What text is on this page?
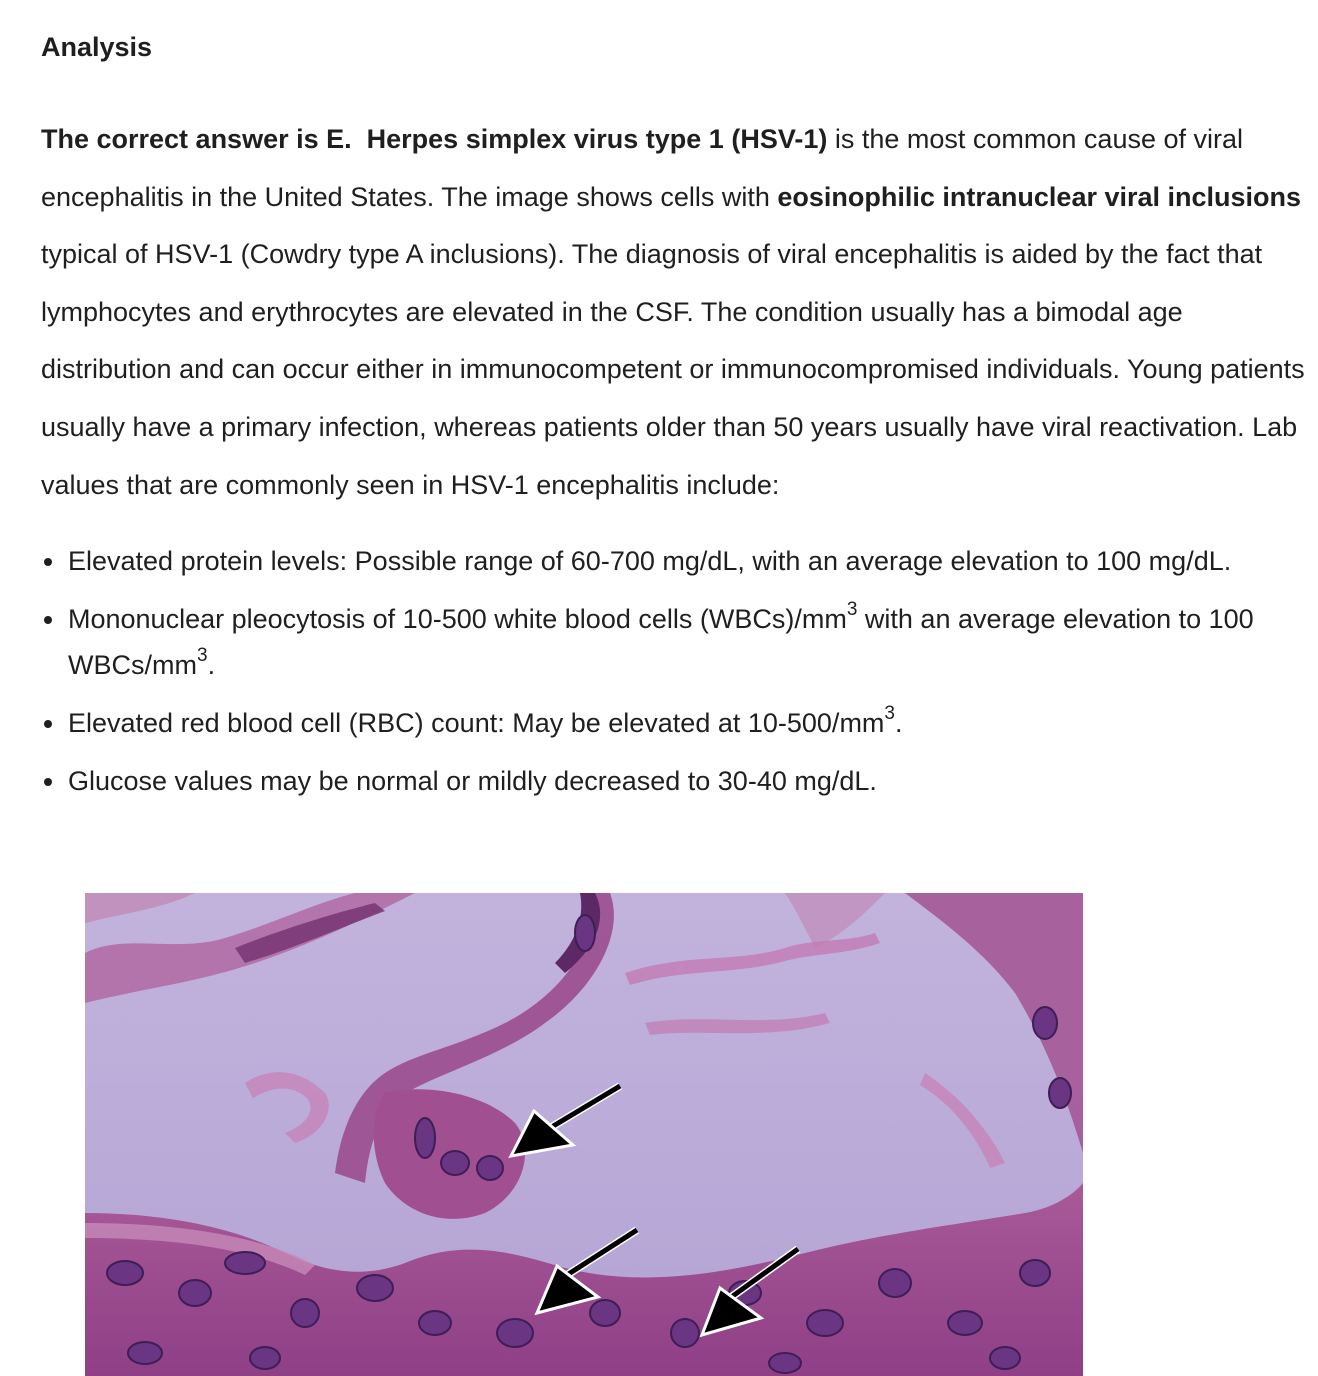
Analysis

The correct answer is E. Herpes simplex virus type 1 (HSV-1) is the most common cause of viral encephalitis in the United States. The image shows cells with eosinophilic intranuclear viral inclusions typical of HSV-1 (Cowdry type A inclusions). The diagnosis of viral encephalitis is aided by the fact that lymphocytes and erythrocytes are elevated in the CSF. The condition usually has a bimodal age distribution and can occur either in immunocompetent or immunocompromised individuals. Young patients usually have a primary infection, whereas patients older than 50 years usually have viral reactivation. Lab values that are commonly seen in HSV-1 encephalitis include:

Elevated protein levels: Possible range of 60-700 mg/dL, with an average elevation to 100 mg/dL.
Mononuclear pleocytosis of 10-500 white blood cells $(WBCs)/mm^3$ with an average elevation to 100 WBCs/$mm^3$.
Elevated red blood cell (RBC) count: May be elevated at $10-500/mm^3$.
Glucose values may be normal or mildly decreased to 30-40 mg/dL.
